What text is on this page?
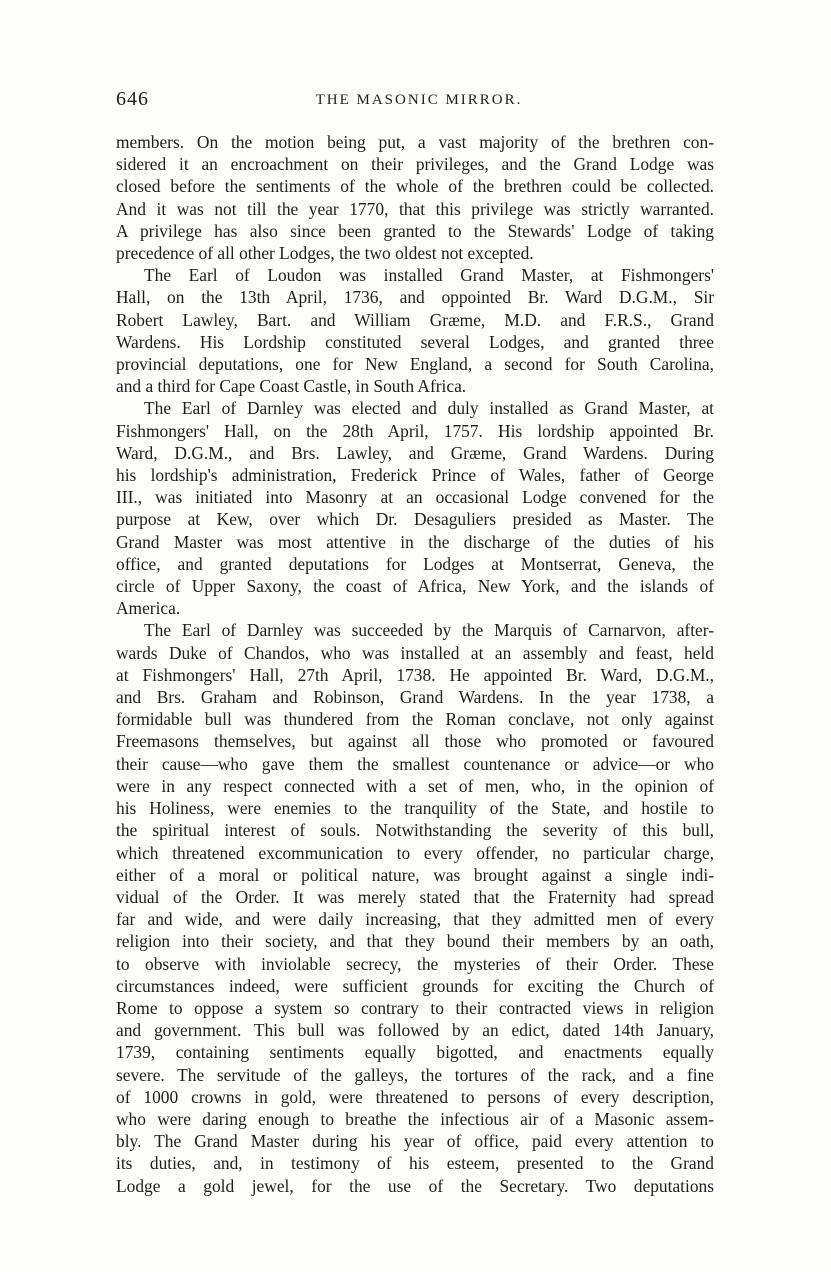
646	THE MASONIC MIRROR.

members. On the motion being put, a vast majority of the brethren con-
sidered it an encroachment on their privileges, and the Grand Lodge was
closed before the sentiments of the whole of the brethren could be collected.
And it was not till the year 1770, that this privilege was strictly warranted.
A privilege has also since been granted to the Stewards' Lodge of taking
precedence of all other Lodges, the two oldest not excepted.

The Earl of Loudon was installed Grand Master, at Fishmongers'
Hall, on the 13th April, 1736, and oppointed Br. Ward D.G.M., Sir
Robert Lawley, Bart. and William Græme, M.D. and F.R.S., Grand
Wardens. His Lordship constituted several Lodges, and granted three
provincial deputations, one for New England, a second for South Carolina,
and a third for Cape Coast Castle, in South Africa.

The Earl of Darnley was elected and duly installed as Grand Master, at
Fishmongers' Hall, on the 28th April, 1757. His lordship appointed Br.
Ward, D.G.M., and Brs. Lawley, and Græme, Grand Wardens. During
his lordship's administration, Frederick Prince of Wales, father of George
III., was initiated into Masonry at an occasional Lodge convened for the
purpose at Kew, over which Dr. Desaguliers presided as Master. The
Grand Master was most attentive in the discharge of the duties of his
office, and granted deputations for Lodges at Montserrat, Geneva, the
circle of Upper Saxony, the coast of Africa, New York, and the islands of
America.

The Earl of Darnley was succeeded by the Marquis of Carnarvon, after-
wards Duke of Chandos, who was installed at an assembly and feast, held
at Fishmongers' Hall, 27th April, 1738. He appointed Br. Ward, D.G.M.,
and Brs. Graham and Robinson, Grand Wardens. In the year 1738, a
formidable bull was thundered from the Roman conclave, not only against
Freemasons themselves, but against all those who promoted or favoured
their cause—who gave them the smallest countenance or advice—or who
were in any respect connected with a set of men, who, in the opinion of
his Holiness, were enemies to the tranquility of the State, and hostile to
the spiritual interest of souls. Notwithstanding the severity of this bull,
which threatened excommunication to every offender, no particular charge,
either of a moral or political nature, was brought against a single indi-
vidual of the Order. It was merely stated that the Fraternity had spread
far and wide, and were daily increasing, that they admitted men of every
religion into their society, and that they bound their members by an oath,
to observe with inviolable secrecy, the mysteries of their Order. These
circumstances indeed, were sufficient grounds for exciting the Church of
Rome to oppose a system so contrary to their contracted views in religion
and government. This bull was followed by an edict, dated 14th January,
1739, containing sentiments equally bigotted, and enactments equally
severe. The servitude of the galleys, the tortures of the rack, and a fine
of 1000 crowns in gold, were threatened to persons of every description,
who were daring enough to breathe the infectious air of a Masonic assem-
bly. The Grand Master during his year of office, paid every attention to
its duties, and, in testimony of his esteem, presented to the Grand
Lodge a gold jewel, for the use of the Secretary. Two deputations
